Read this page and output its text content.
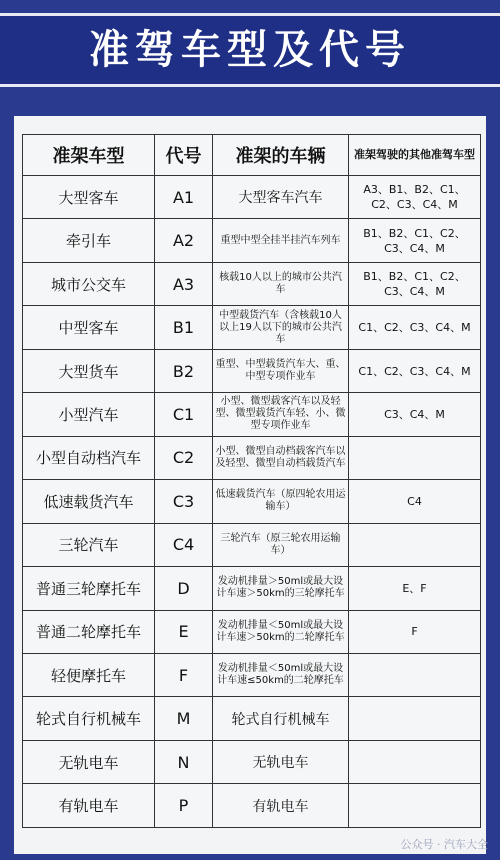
准驾车型及代号
准架车型	代号	准架的车辆	准架驾驶的其他准驾车型
大型客车	A1	大型客车汽车	A3、B1、B2、C1、C2、C3、C4、M
牵引车	A2	重型中型全挂半挂汽车列车	B1、B2、C1、C2、C3、C4、M
城市公交车	A3	核载10人以上的城市公共汽车	B1、B2、C1、C2、C3、C4、M
中型客车	B1	中型载货汽车（含核载10人以上19人以下的城市公共汽车	C1、C2、C3、C4、M
大型货车	B2	重型、中型载货汽车大、重、中型专项作业车	C1、C2、C3、C4、M
小型汽车	C1	小型、微型载客汽车以及轻型、微型载货汽车轻、小、微型专项作业车	C3、C4、M
小型自动档汽车	C2	小型、微型自动档载客汽车以及轻型、微型自动档载货汽车	
低速载货汽车	C3	低速载货汽车（原四轮农用运输车）	C4
三轮汽车	C4	三轮汽车（原三轮农用运输车）	
普通三轮摩托车	D	发动机排量＞50ml或最大设计车速＞50km的三轮摩托车	E、F
普通二轮摩托车	E	发动机排量＜50ml或最大设计车速＞50km的二轮摩托车	F
轻便摩托车	F	发动机排量＜50ml或最大设计车速≤50km的二轮摩托车	
轮式自行机械车	M	轮式自行机械车	
无轨电车	N	无轨电车	
有轨电车	P	有轨电车	
公众号 · 汽车大全
